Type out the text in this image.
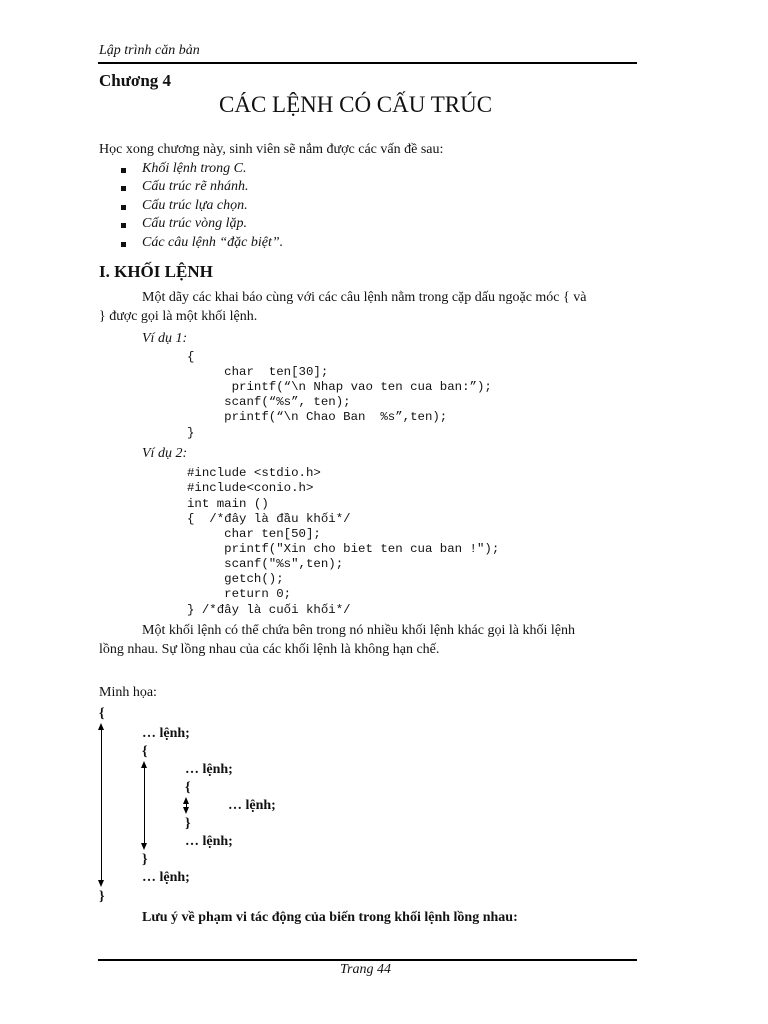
Lập trình căn bản
Chương 4
CÁC LỆNH CÓ CẤU TRÚC
Học xong chương này, sinh viên sẽ nắm được các vấn đề sau:
Khối lệnh trong C.
Cấu trúc rẽ nhánh.
Cấu trúc lựa chọn.
Cấu trúc vòng lặp.
Các câu lệnh “đặc biệt”.
I. KHỐI LỆNH
Một dãy các khai báo cùng với các câu lệnh nằm trong cặp dấu ngoặc móc { và
} được gọi là một khối lệnh.
Ví dụ 1:
{
char  ten[30];
printf(“\n Nhap vao ten cua ban:”);
scanf(“%s”, ten);
printf(“\n Chao Ban  %s”,ten);
}
Ví dụ 2:
#include <stdio.h>
#include<conio.h>
int main ()
{  /*đây là đầu khối*/
char ten[50];
printf("Xin cho biet ten cua ban !");
scanf("%s",ten);
getch();
return 0;
} /*đây là cuối khối*/
Một khối lệnh có thể chứa bên trong nó nhiều khối lệnh khác gọi là khối lệnh
lồng nhau. Sự lồng nhau của các khối lệnh là không hạn chế.
Minh họa:
{
… lệnh;
{
… lệnh;
{
… lệnh;
}
… lệnh;
}
… lệnh;
}
Lưu ý về phạm vi tác động của biến trong khối lệnh lồng nhau:
Trang 44
